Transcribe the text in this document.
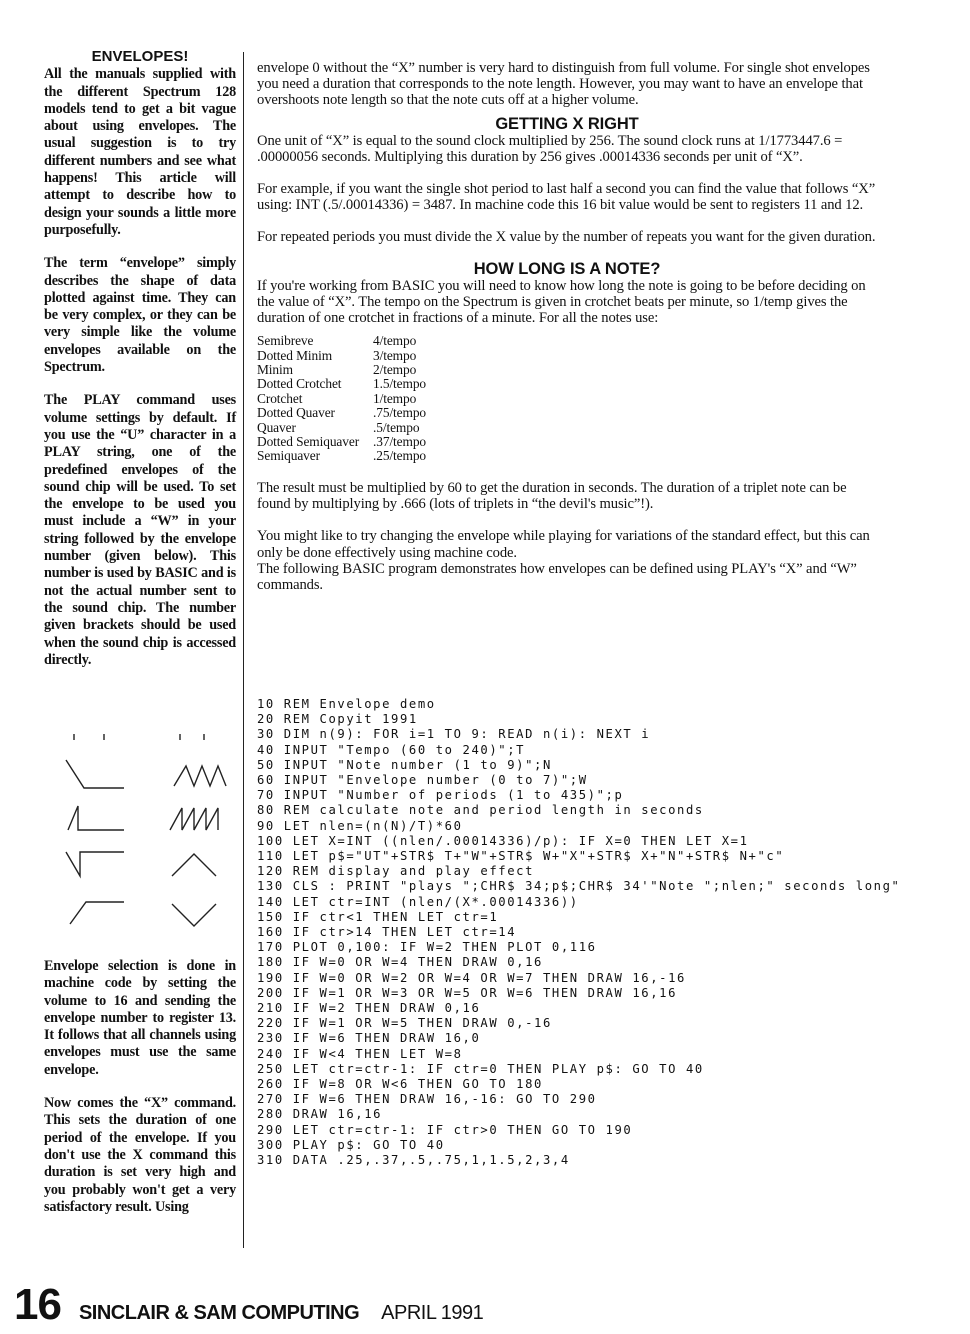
ENVELOPES!

All the manuals supplied with the different Spectrum 128 models tend to get a bit vague about using envelopes. The usual suggestion is to try different numbers and see what happens! This article will attempt to describe how to design your sounds a little more purposefully.

The term “envelope” simply describes the shape of data plotted against time. They can be very complex, or they can be very simple like the volume envelopes available on the Spectrum.

The PLAY command uses volume settings by default. If you use the “U” character in a PLAY string, one of the predefined envelopes of the sound chip will be used. To set the envelope to be used you must include a “W” in your string followed by the envelope number (given below). This number is used by BASIC and is not the actual number sent to the sound chip. The number given brackets should be used when the sound chip is accessed directly.

Envelope selection is done in machine code by setting the volume to 16 and sending the envelope number to register 13. It follows that all channels using envelopes must use the same envelope.

Now comes the “X” command. This sets the duration of one period of the envelope. If you don't use the X command this duration is set very high and you probably won't get a very satisfactory result. Using

envelope 0 without the “X” number is very hard to distinguish from full volume. For single shot envelopes you need a duration that corresponds to the note length. However, you may want to have an envelope that overshoots note length so that the note cuts off at a higher volume.

GETTING X RIGHT

One unit of “X” is equal to the sound clock multiplied by 256. The sound clock runs at 1/1773447.6 = .00000056 seconds. Multiplying this duration by 256 gives .00014336 seconds per unit of “X”.

For example, if you want the single shot period to last half a second you can find the value that follows “X” using: INT (.5/.00014336) = 3487. In machine code this 16 bit value would be sent to registers 11 and 12.

For repeated periods you must divide the X value by the number of repeats you want for the given duration.

HOW LONG IS A NOTE?

If you're working from BASIC you will need to know how long the note is going to be before deciding on the value of “X”. The tempo on the Spectrum is given in crotchet beats per minute, so 1/temp gives the duration of one crotchet in fractions of a minute. For all the notes use:

Semibreve	4/tempo
Dotted Minim	3/tempo
Minim	2/tempo
Dotted Crotchet	1.5/tempo
Crotchet	1/tempo
Dotted Quaver	.75/tempo
Quaver	.5/tempo
Dotted Semiquaver	.37/tempo
Semiquaver	.25/tempo

The result must be multiplied by 60 to get the duration in seconds. The duration of a triplet note can be found by multiplying by .666 (lots of triplets in “the devil's music”!).

You might like to try changing the envelope while playing for variations of the standard effect, but this can only be done effectively using machine code.

The following BASIC program demonstrates how envelopes can be defined using PLAY's “X” and “W” commands.

10 REM Envelope demo
20 REM Copyit 1991
30 DIM n(9): FOR i=1 TO 9: READ n(i): NEXT i
40 INPUT "Tempo (60 to 240)";T
50 INPUT "Note number (1 to 9)";N
60 INPUT "Envelope number (0 to 7)";W
70 INPUT "Number of periods (1 to 435)";p
80 REM calculate note and period length in seconds
90 LET nlen=(n(N)/T)*60
100 LET X=INT ((nlen/.00014336)/p): IF X=0 THEN LET X=1
110 LET p$="UT"+STR$ T+"W"+STR$ W+"X"+STR$ X+"N"+STR$ N+"c"
120 REM display and play effect
130 CLS : PRINT "plays ";CHR$ 34;p$;CHR$ 34'"Note ";nlen;" seconds long"
140 LET ctr=INT (nlen/(X*.00014336))
150 IF ctr<1 THEN LET ctr=1
160 IF ctr>14 THEN LET ctr=14
170 PLOT 0,100: IF W=2 THEN PLOT 0,116
180 IF W=0 OR W=4 THEN DRAW 0,16
190 IF W=0 OR W=2 OR W=4 OR W=7 THEN DRAW 16,-16
200 IF W=1 OR W=3 OR W=5 OR W=6 THEN DRAW 16,16
210 IF W=2 THEN DRAW 0,16
220 IF W=1 OR W=5 THEN DRAW 0,-16
230 IF W=6 THEN DRAW 16,0
240 IF W<4 THEN LET W=8
250 LET ctr=ctr-1: IF ctr=0 THEN PLAY p$: GO TO 40
260 IF W=8 OR W<6 THEN GO TO 180
270 IF W=6 THEN DRAW 16,-16: GO TO 290
280 DRAW 16,16
290 LET ctr=ctr-1: IF ctr>0 THEN GO TO 190
300 PLAY p$: GO TO 40
310 DATA .25,.37,.5,.75,1,1.5,2,3,4
16 SINCLAIR & SAM COMPUTING APRIL 1991
